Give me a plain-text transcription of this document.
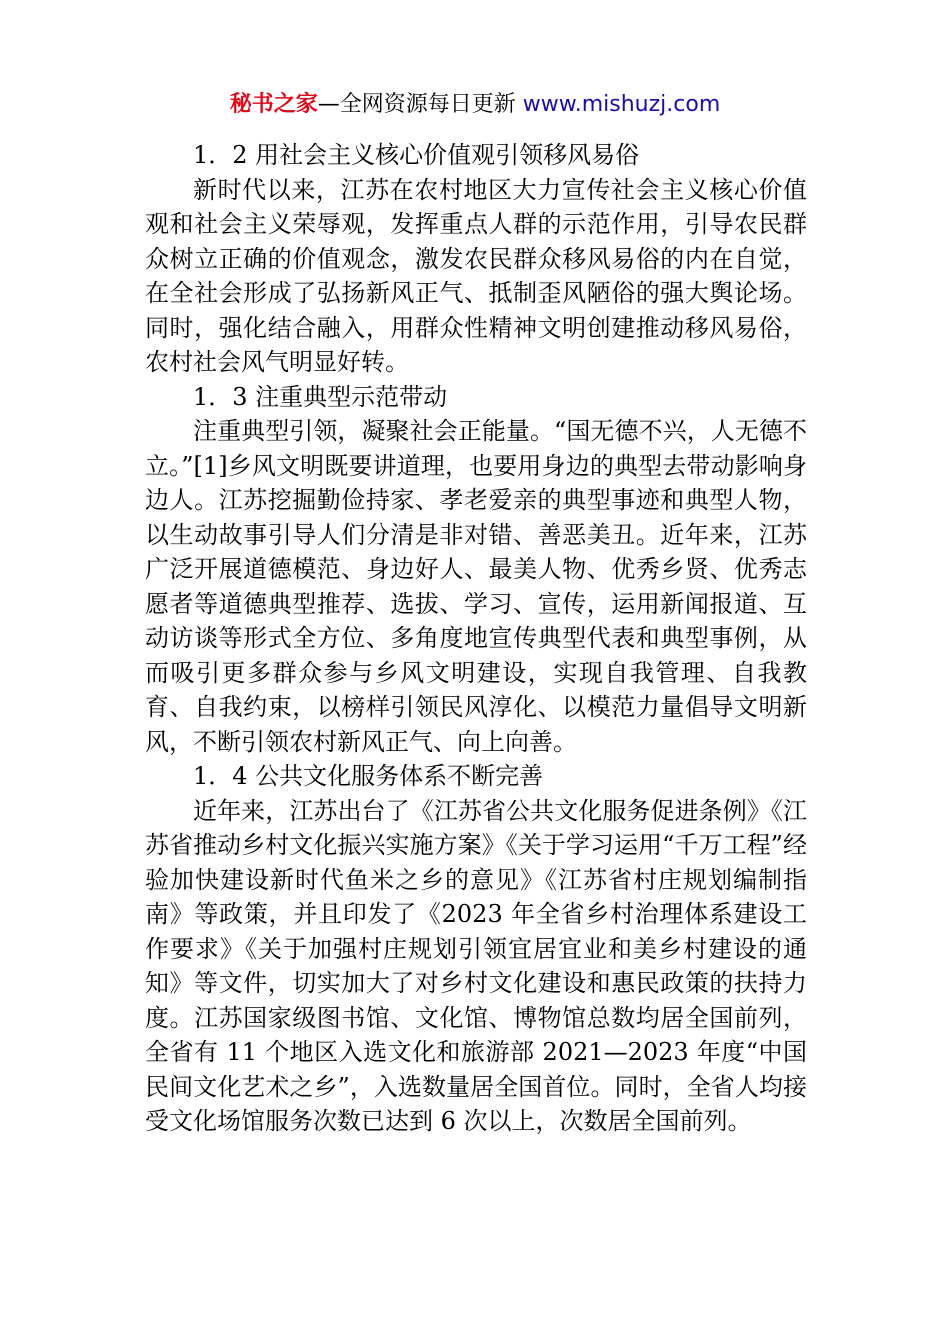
秘书之家—全网资源每日更新 www.mishuzj.com

1．2 用社会主义核心价值观引领移风易俗

新时代以来，江苏在农村地区大力宣传社会主义核心价值观和社会主义荣辱观，发挥重点人群的示范作用，引导农民群众树立正确的价值观念，激发农民群众移风易俗的内在自觉，在全社会形成了弘扬新风正气、抵制歪风陋俗的强大舆论场。同时，强化结合融入，用群众性精神文明创建推动移风易俗，农村社会风气明显好转。

1．3 注重典型示范带动

注重典型引领，凝聚社会正能量。“国无德不兴，人无德不立。”[1]乡风文明既要讲道理，也要用身边的典型去带动影响身边人。江苏挖掘勤俭持家、孝老爱亲的典型事迹和典型人物，以生动故事引导人们分清是非对错、善恶美丑。近年来，江苏广泛开展道德模范、身边好人、最美人物、优秀乡贤、优秀志愿者等道德典型推荐、选拔、学习、宣传，运用新闻报道、互动访谈等形式全方位、多角度地宣传典型代表和典型事例，从而吸引更多群众参与乡风文明建设，实现自我管理、自我教育、自我约束，以榜样引领民风淳化、以模范力量倡导文明新风，不断引领农村新风正气、向上向善。

1．4 公共文化服务体系不断完善

近年来，江苏出台了《江苏省公共文化服务促进条例》《江苏省推动乡村文化振兴实施方案》《关于学习运用“千万工程”经验加快建设新时代鱼米之乡的意见》《江苏省村庄规划编制指南》等政策，并且印发了《2023 年全省乡村治理体系建设工作要求》《关于加强村庄规划引领宜居宜业和美乡村建设的通知》等文件，切实加大了对乡村文化建设和惠民政策的扶持力度。江苏国家级图书馆、文化馆、博物馆总数均居全国前列，全省有 11 个地区入选文化和旅游部 2021—2023 年度“中国民间文化艺术之乡”，入选数量居全国首位。同时，全省人均接受文化场馆服务次数已达到 6 次以上，次数居全国前列。
